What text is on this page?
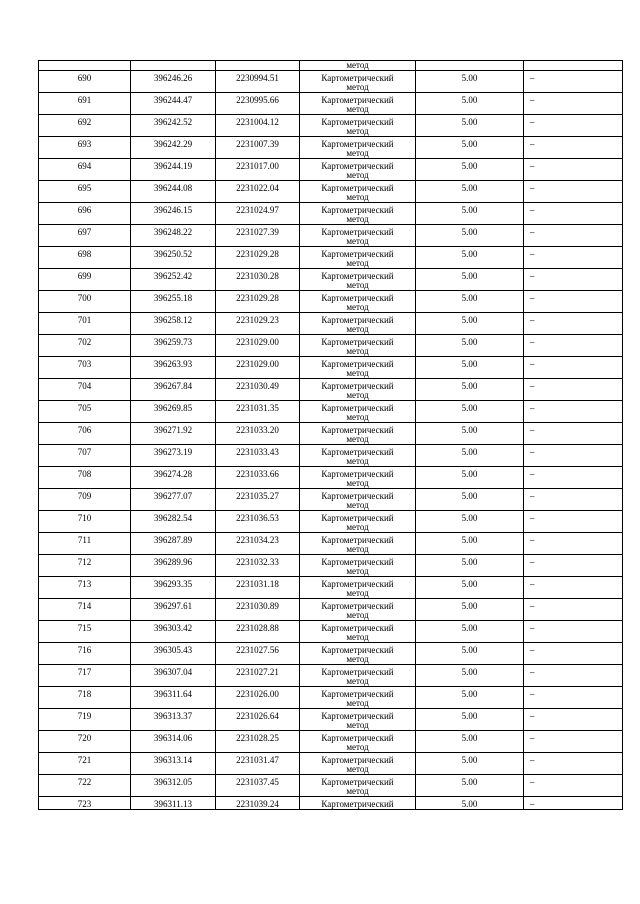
			метод		

690	396246.26	2230994.51	Картометрический
метод	5.00	–

691	396244.47	2230995.66	Картометрический
метод	5.00	–

692	396242.52	2231004.12	Картометрический
метод	5.00	–

693	396242.29	2231007.39	Картометрический
метод	5.00	–

694	396244.19	2231017.00	Картометрический
метод	5.00	–

695	396244.08	2231022.04	Картометрический
метод	5.00	–

696	396246.15	2231024.97	Картометрический
метод	5.00	–

697	396248.22	2231027.39	Картометрический
метод	5.00	–

698	396250.52	2231029.28	Картометрический
метод	5.00	–

699	396252.42	2231030.28	Картометрический
метод	5.00	–

700	396255.18	2231029.28	Картометрический
метод	5.00	–

701	396258.12	2231029.23	Картометрический
метод	5.00	–

702	396259.73	2231029.00	Картометрический
метод	5.00	–

703	396263.93	2231029.00	Картометрический
метод	5.00	–

704	396267.84	2231030.49	Картометрический
метод	5.00	–

705	396269.85	2231031.35	Картометрический
метод	5.00	–

706	396271.92	2231033.20	Картометрический
метод	5.00	–

707	396273.19	2231033.43	Картометрический
метод	5.00	–

708	396274.28	2231033.66	Картометрический
метод	5.00	–

709	396277.07	2231035.27	Картометрический
метод	5.00	–

710	396282.54	2231036.53	Картометрический
метод	5.00	–

711	396287.89	2231034.23	Картометрический
метод	5.00	–

712	396289.96	2231032.33	Картометрический
метод	5.00	–

713	396293.35	2231031.18	Картометрический
метод	5.00	–

714	396297.61	2231030.89	Картометрический
метод	5.00	–

715	396303.42	2231028.88	Картометрический
метод	5.00	–

716	396305.43	2231027.56	Картометрический
метод	5.00	–

717	396307.04	2231027.21	Картометрический
метод	5.00	–

718	396311.64	2231026.00	Картометрический
метод	5.00	–

719	396313.37	2231026.64	Картометрический
метод	5.00	–

720	396314.06	2231028.25	Картометрический
метод	5.00	–

721	396313.14	2231031.47	Картометрический
метод	5.00	–

722	396312.05	2231037.45	Картометрический
метод	5.00	–

723	396311.13	2231039.24	Картометрический	5.00	–
